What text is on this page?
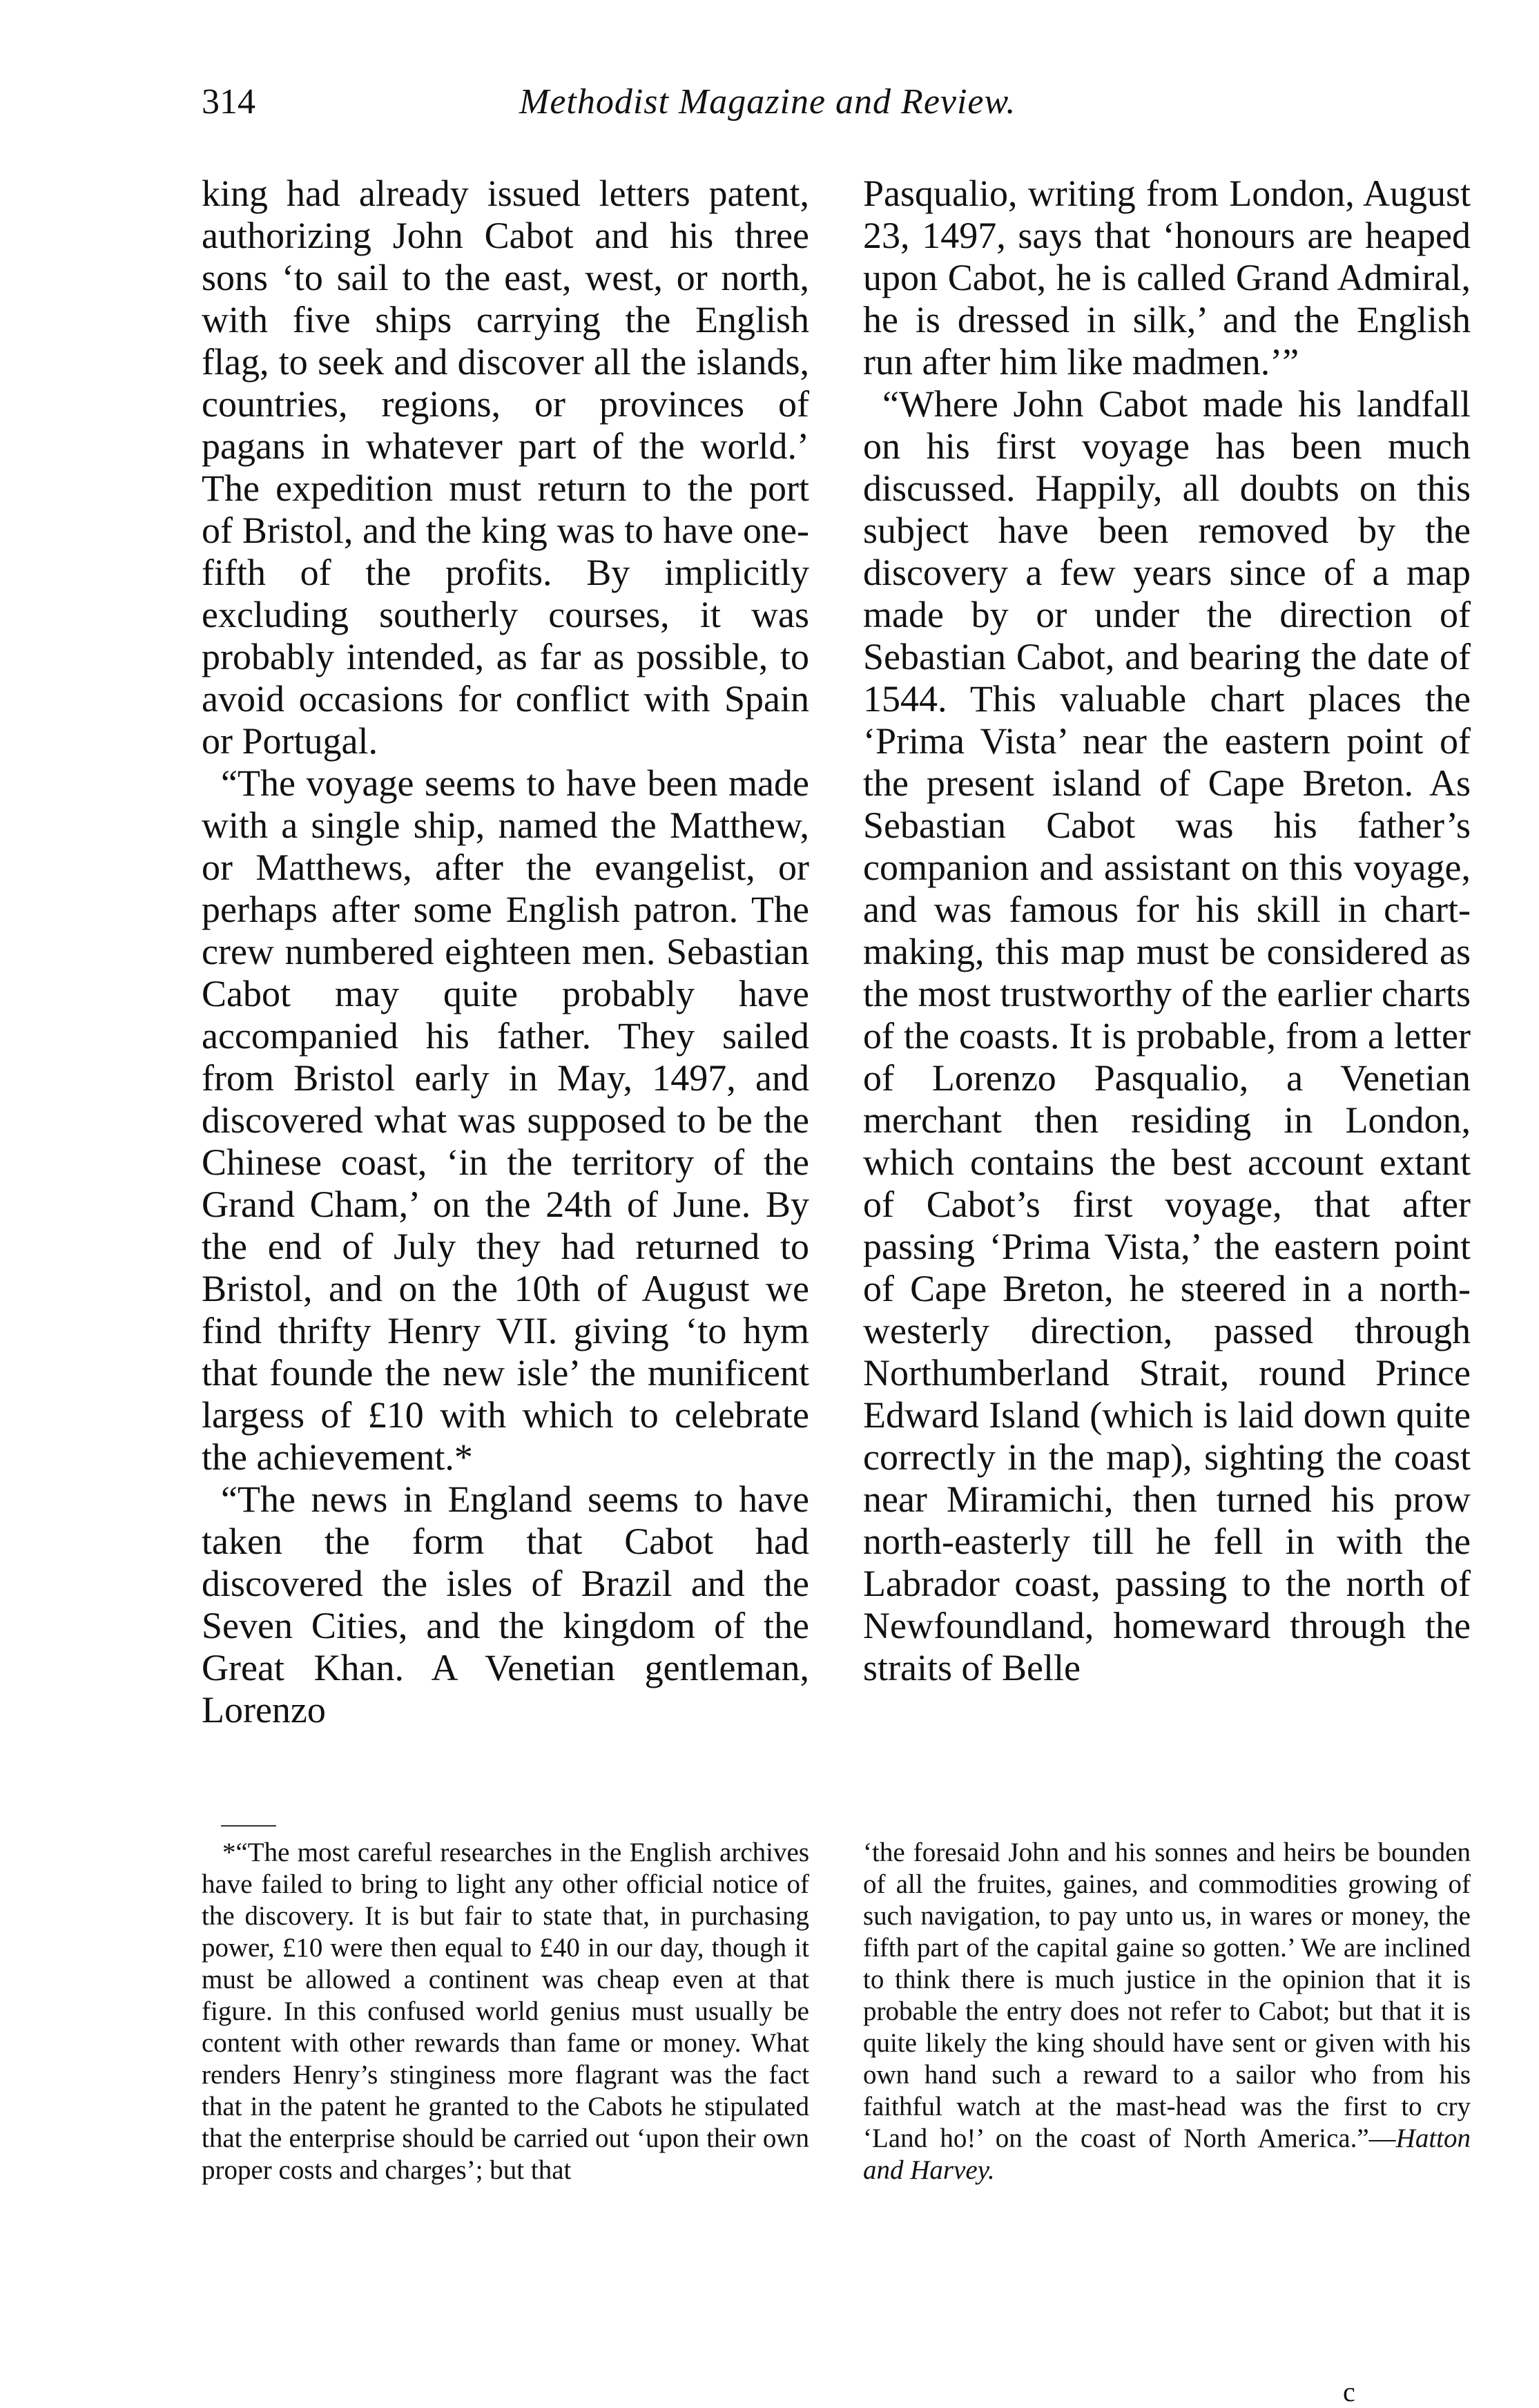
314	Methodist Magazine and Review.

king had already issued letters patent, authorizing John Cabot and his three sons ‘to sail to the east, west, or north, with five ships carrying the English flag, to seek and discover all the islands, countries, regions, or provinces of pagans in whatever part of the world.’ The expedition must return to the port of Bristol, and the king was to have one-fifth of the profits. By implicitly excluding southerly courses, it was probably intended, as far as possible, to avoid occasions for conflict with Spain or Portugal.

“The voyage seems to have been made with a single ship, named the Matthew, or Matthews, after the evangelist, or perhaps after some English patron. The crew numbered eighteen men. Sebastian Cabot may quite probably have accompanied his father. They sailed from Bristol early in May, 1497, and discovered what was supposed to be the Chinese coast, ‘in the territory of the Grand Cham,’ on the 24th of June. By the end of July they had returned to Bristol, and on the 10th of August we find thrifty Henry VII. giving ‘to hym that founde the new isle’ the munificent largess of £10 with which to celebrate the achievement.*

“The news in England seems to have taken the form that Cabot had discovered the isles of Brazil and the Seven Cities, and the kingdom of the Great Khan. A Venetian gentleman, Lorenzo

Pasqualio, writing from London, August 23, 1497, says that ‘honours are heaped upon Cabot, he is called Grand Admiral, he is dressed in silk,’ and the English run after him like madmen.’”

“Where John Cabot made his landfall on his first voyage has been much discussed. Happily, all doubts on this subject have been removed by the discovery a few years since of a map made by or under the direction of Sebastian Cabot, and bearing the date of 1544. This valuable chart places the ‘Prima Vista’ near the eastern point of the present island of Cape Breton. As Sebastian Cabot was his father’s companion and assistant on this voyage, and was famous for his skill in chart-making, this map must be considered as the most trustworthy of the earlier charts of the coasts. It is probable, from a letter of Lorenzo Pasqualio, a Venetian merchant then residing in London, which contains the best account extant of Cabot’s first voyage, that after passing ‘Prima Vista,’ the eastern point of Cape Breton, he steered in a north-westerly direction, passed through Northumberland Strait, round Prince Edward Island (which is laid down quite correctly in the map), sighting the coast near Miramichi, then turned his prow north-easterly till he fell in with the Labrador coast, passing to the north of Newfoundland, homeward through the straits of Belle

*“The most careful researches in the English archives have failed to bring to light any other official notice of the discovery. It is but fair to state that, in purchasing power, £10 were then equal to £40 in our day, though it must be allowed a continent was cheap even at that figure. In this confused world genius must usually be content with other rewards than fame or money. What renders Henry’s stinginess more flagrant was the fact that in the patent he granted to the Cabots he stipulated that the enterprise should be carried out ‘upon their own proper costs and charges’; but that
‘the foresaid John and his sonnes and heirs be bounden of all the fruites, gaines, and commodities growing of such navigation, to pay unto us, in wares or money, the fifth part of the capital gaine so gotten.’ We are inclined to think there is much justice in the opinion that it is probable the entry does not refer to Cabot; but that it is quite likely the king should have sent or given with his own hand such a reward to a sailor who from his faithful watch at the mast-head was the first to cry ‘Land ho!’ on the coast of North America.”—Hatton and Harvey.
c
